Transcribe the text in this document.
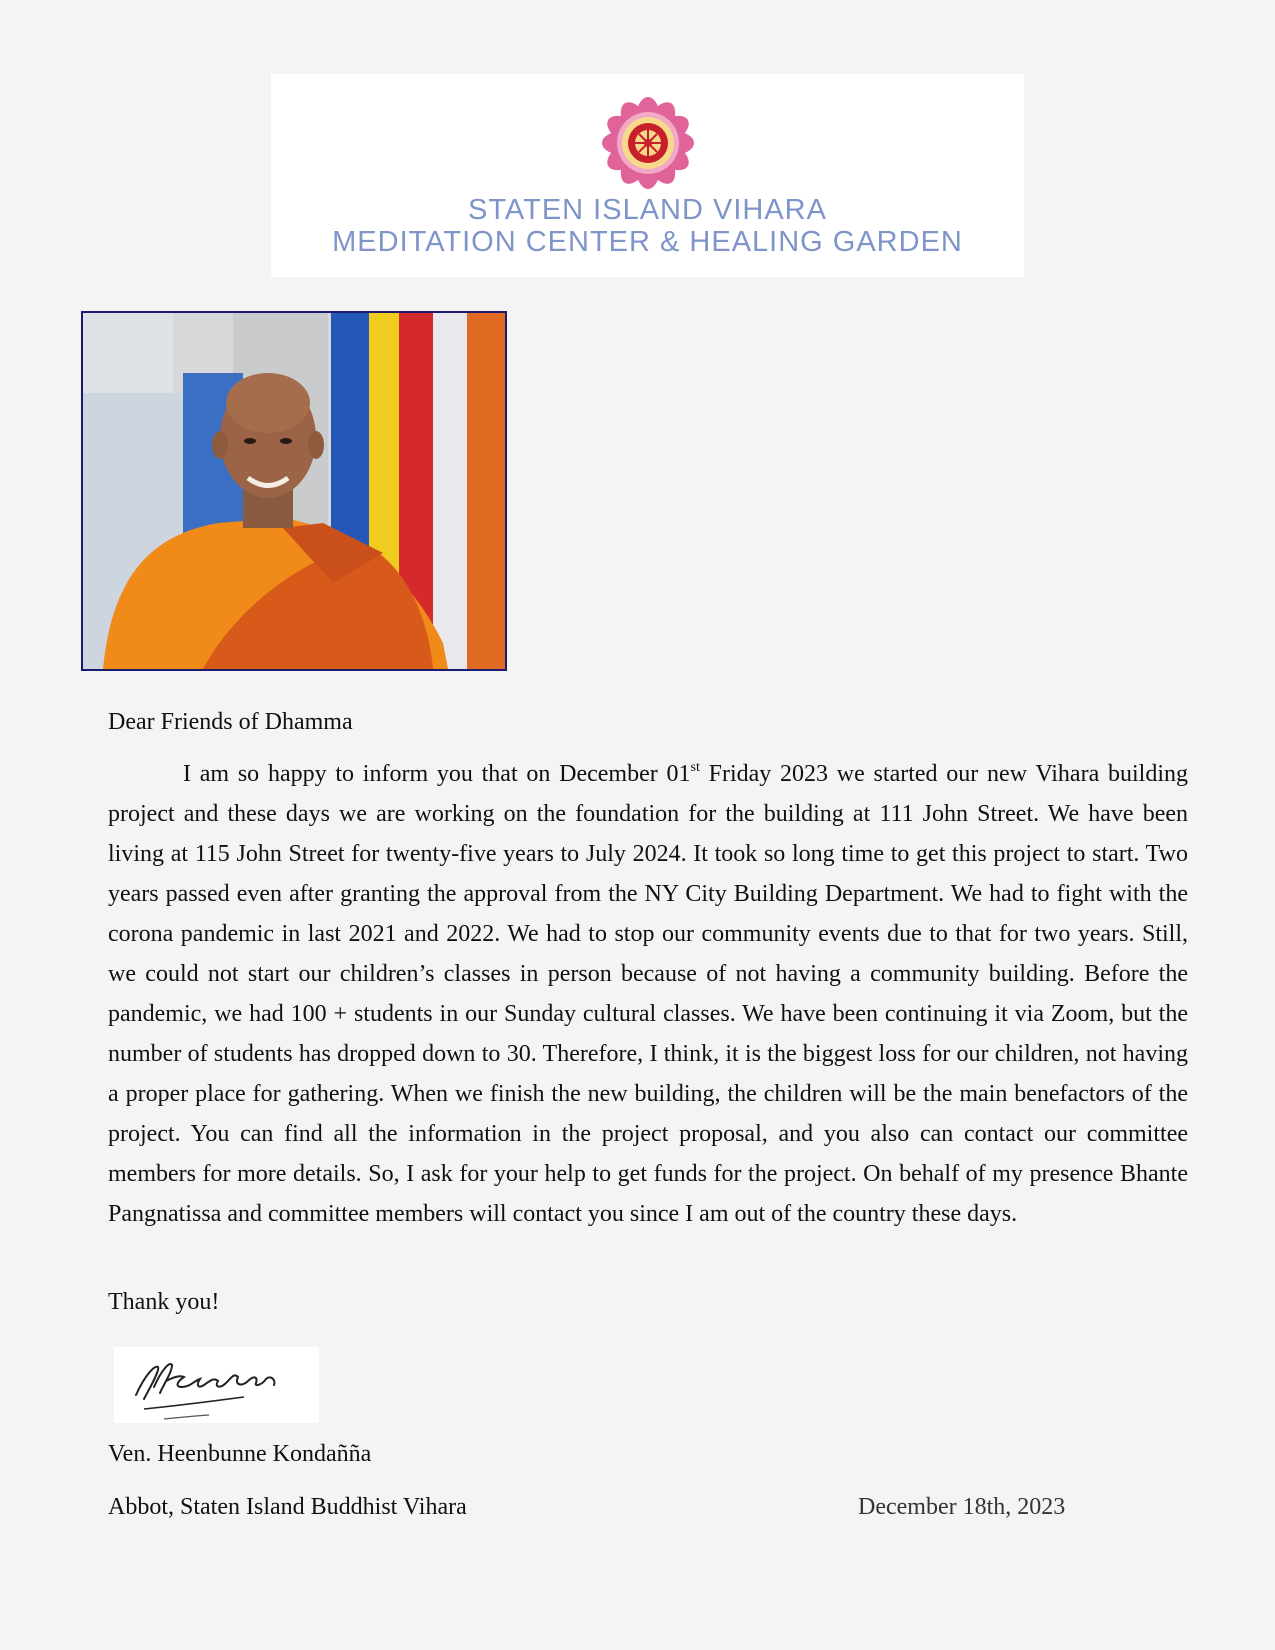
STATEN ISLAND VIHARA
MEDITATION CENTER & HEALING GARDEN
Dear Friends of Dhamma
I am so happy to inform you that on December 01st Friday 2023 we started our new Vihara building project and these days we are working on the foundation for the building at 111 John Street. We have been living at 115 John Street for twenty-five years to July 2024. It took so long time to get this project to start. Two years passed even after granting the approval from the NY City Building Department. We had to fight with the corona pandemic in last 2021 and 2022. We had to stop our community events due to that for two years. Still, we could not start our children’s classes in person because of not having a community building. Before the pandemic, we had 100 + students in our Sunday cultural classes. We have been continuing it via Zoom, but the number of students has dropped down to 30. Therefore, I think, it is the biggest loss for our children, not having a proper place for gathering. When we finish the new building, the children will be the main benefactors of the project. You can find all the information in the project proposal, and you also can contact our committee members for more details. So, I ask for your help to get funds for the project. On behalf of my presence Bhante Pangnatissa and committee members will contact you since I am out of the country these days.
Thank you!
Ven. Heenbunne Kondañña
Abbot, Staten Island Buddhist Vihara	December 18th, 2023
